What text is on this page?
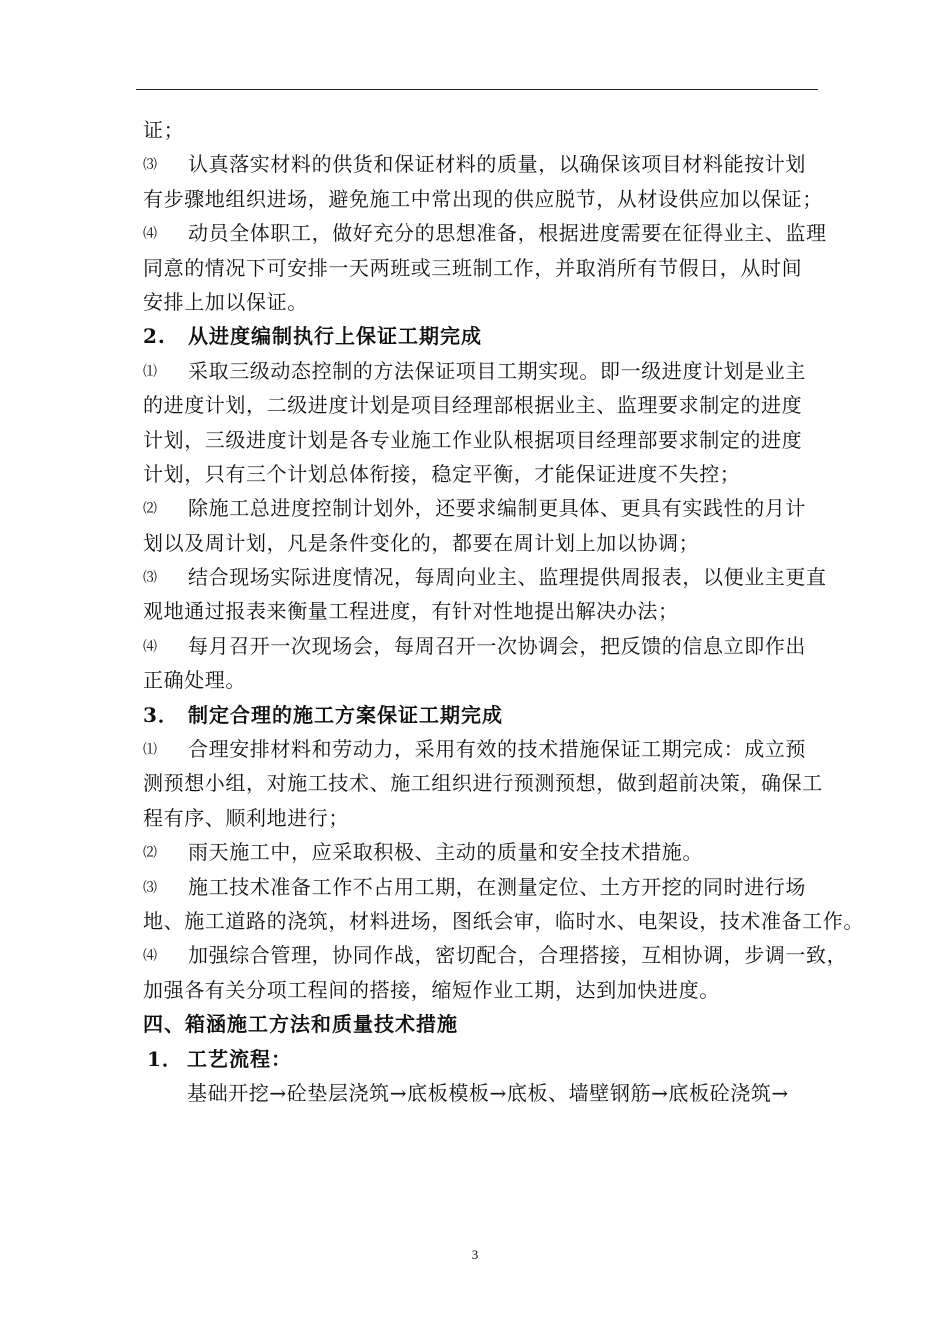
证；
⑶ 认真落实材料的供货和保证材料的质量，以确保该项目材料能按计划
有步骤地组织进场，避免施工中常出现的供应脱节，从材设供应加以保证；
⑷ 动员全体职工，做好充分的思想准备，根据进度需要在征得业主、监理
同意的情况下可安排一天两班或三班制工作，并取消所有节假日，从时间
安排上加以保证。
2. 从进度编制执行上保证工期完成
⑴ 采取三级动态控制的方法保证项目工期实现。即一级进度计划是业主
的进度计划，二级进度计划是项目经理部根据业主、监理要求制定的进度
计划，三级进度计划是各专业施工作业队根据项目经理部要求制定的进度
计划，只有三个计划总体衔接，稳定平衡，才能保证进度不失控；
⑵ 除施工总进度控制计划外，还要求编制更具体、更具有实践性的月计
划以及周计划，凡是条件变化的，都要在周计划上加以协调；
⑶ 结合现场实际进度情况，每周向业主、监理提供周报表，以便业主更直
观地通过报表来衡量工程进度，有针对性地提出解决办法；
⑷ 每月召开一次现场会，每周召开一次协调会，把反馈的信息立即作出
正确处理。
3． 制定合理的施工方案保证工期完成
⑴ 合理安排材料和劳动力，采用有效的技术措施保证工期完成：成立预
测预想小组，对施工技术、施工组织进行预测预想，做到超前决策，确保工
程有序、顺利地进行；
⑵ 雨天施工中，应采取积极、主动的质量和安全技术措施。
⑶ 施工技术准备工作不占用工期，在测量定位、土方开挖的同时进行场
地、施工道路的浇筑，材料进场，图纸会审，临时水、电架设，技术准备工作。
⑷ 加强综合管理，协同作战，密切配合，合理搭接，互相协调，步调一致，
加强各有关分项工程间的搭接，缩短作业工期，达到加快进度。
四、箱涵施工方法和质量技术措施
1． 工艺流程：
基础开挖→砼垫层浇筑→底板模板→底板、墙壁钢筋→底板砼浇筑→
3
